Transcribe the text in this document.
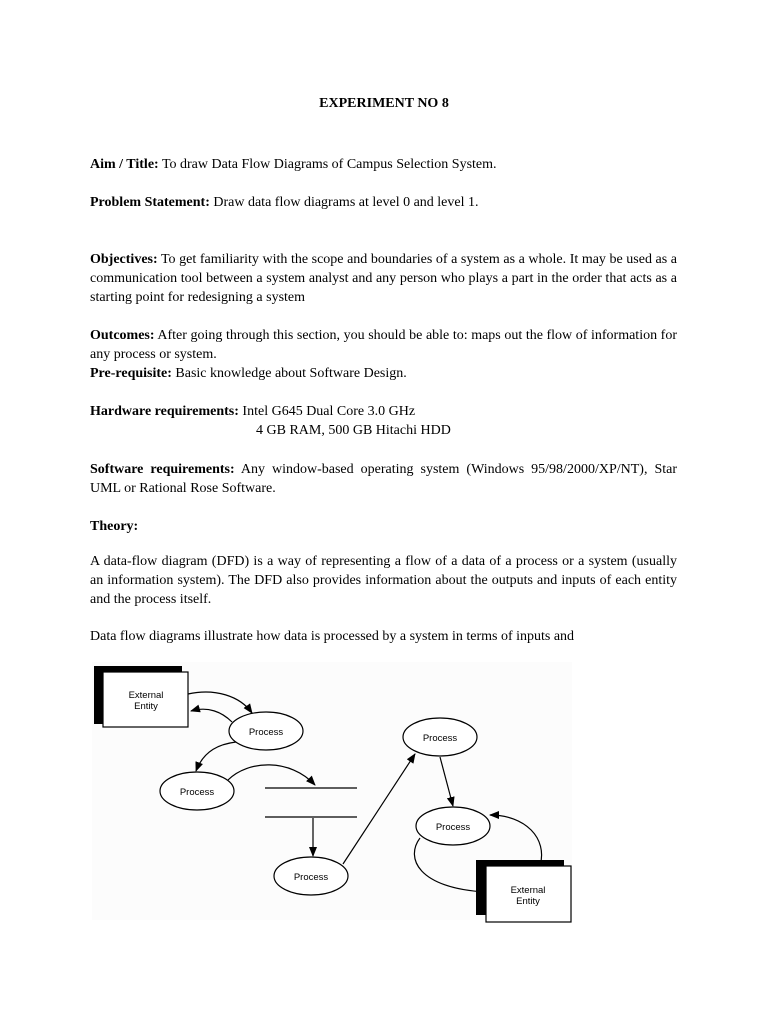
EXPERIMENT NO 8
Aim / Title: To draw Data Flow Diagrams of Campus Selection System.
Problem Statement: Draw data flow diagrams at level 0 and level 1.
Objectives: To get familiarity with the scope and boundaries of a system as a whole. It may be used as a communication tool between a system analyst and any person who plays a part in the order that acts as a starting point for redesigning a system
Outcomes: After going through this section, you should be able to: maps out the flow of information for any process or system.
Pre-requisite: Basic knowledge about Software Design.
Hardware requirements: Intel G645 Dual Core 3.0 GHz
4 GB RAM, 500 GB Hitachi HDD
Software requirements: Any window-based operating system (Windows 95/98/2000/XP/NT), Star UML or Rational Rose Software.
Theory:
A data-flow diagram (DFD) is a way of representing a flow of a data of a process or a system (usually an information system). The DFD also provides information about the outputs and inputs of each entity and the process itself.
Data flow diagrams illustrate how data is processed by a system in terms of inputs and
External
Entity
Process
Process
Process
Process
Process
External
Entity
